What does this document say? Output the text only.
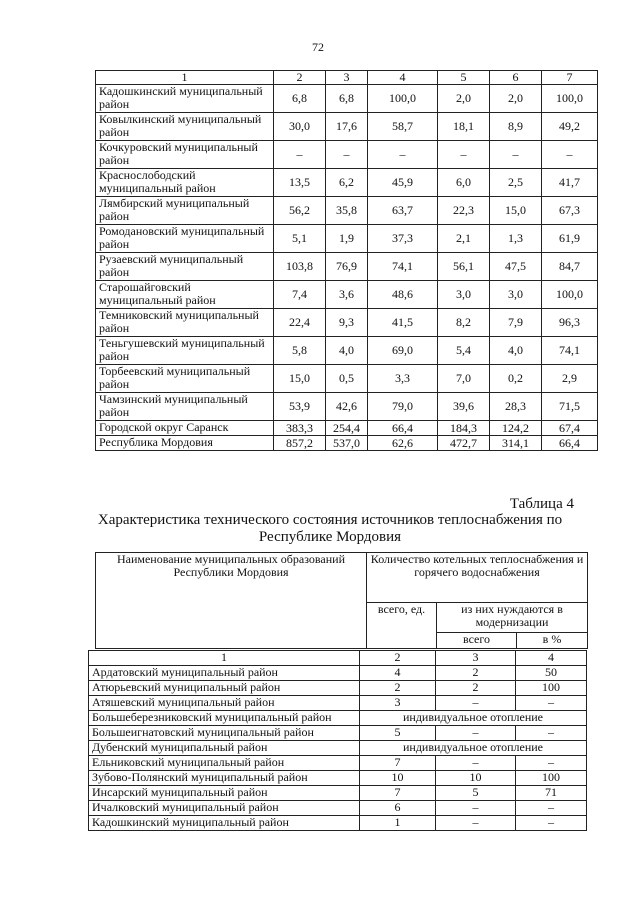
72
1	2	3	4	5	6	7
Кадошкинский муниципальный район	6,8	6,8	100,0	2,0	2,0	100,0
Ковылкинский муниципальный район	30,0	17,6	58,7	18,1	8,9	49,2
Кочкуровский муниципальный район	–	–	–	–	–	–
Краснослободский муниципальный район	13,5	6,2	45,9	6,0	2,5	41,7
Лямбирский муниципальный район	56,2	35,8	63,7	22,3	15,0	67,3
Ромодановский муниципальный район	5,1	1,9	37,3	2,1	1,3	61,9
Рузаевский муниципальный район	103,8	76,9	74,1	56,1	47,5	84,7
Старошайговский муниципальный район	7,4	3,6	48,6	3,0	3,0	100,0
Темниковский муниципальный район	22,4	9,3	41,5	8,2	7,9	96,3
Теньгушевский муниципальный район	5,8	4,0	69,0	5,4	4,0	74,1
Торбеевский муниципальный район	15,0	0,5	3,3	7,0	0,2	2,9
Чамзинский муниципальный район	53,9	42,6	79,0	39,6	28,3	71,5
Городской округ Саранск	383,3	254,4	66,4	184,3	124,2	67,4
Республика Мордовия	857,2	537,0	62,6	472,7	314,1	66,4
Таблица 4
Характеристика технического состояния источников теплоснабжения по Республике Мордовия
Наименование муниципальных образований Республики Мордовия	Количество котельных теплоснабжения и горячего водоснабжения		
	всего, ед.	из них нуждаются в модернизации	
		всего	в %
1	2	3	4
Ардатовский муниципальный район	4	2	50
Атюрьевский муниципальный район	2	2	100
Атяшевский муниципальный район	3	–	–
Большеберезниковский муниципальный район	индивидуальное отопление		
Большеигнатовский муниципальный район	5	–	–
Дубенский муниципальный район	индивидуальное отопление		
Ельниковский муниципальный район	7	–	–
Зубово-Полянский муниципальный район	10	10	100
Инсарский муниципальный район	7	5	71
Ичалковский муниципальный район	6	–	–
Кадошкинский муниципальный район	1	–	–
